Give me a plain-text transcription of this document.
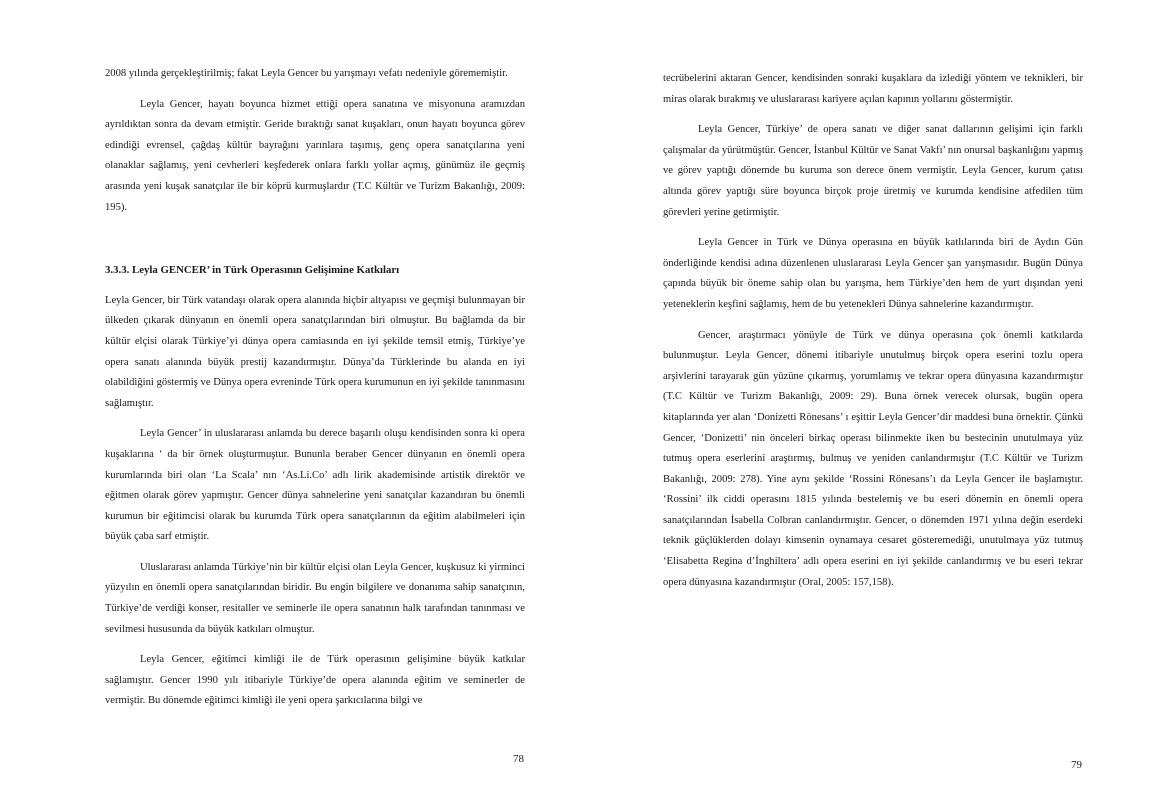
2008 yılında gerçekleştirilmiş; fakat Leyla Gencer bu yarışmayı vefatı nedeniyle görememiştir.

Leyla Gencer, hayatı boyunca hizmet ettiği opera sanatına ve misyonuna aramızdan ayrıldıktan sonra da devam etmiştir. Geride bıraktığı sanat kuşakları, onun hayatı boyunca görev edindiği evrensel, çağdaş kültür bayrağını yarınlara taşımış, genç opera sanatçılarına yeni olanaklar sağlamış, yeni cevherleri keşfederek onlara farklı yollar açmış, günümüz ile geçmiş arasında yeni kuşak sanatçılar ile bir köprü kurmuşlardır (T.C Kültür ve Turizm Bakanlığı, 2009: 195).

3.3.3. Leyla GENCER’ in Türk Operasının Gelişimine Katkıları

Leyla Gencer, bir Türk vatandaşı olarak opera alanında hiçbir altyapısı ve geçmişi bulunmayan bir ülkeden çıkarak dünyanın en önemli opera sanatçılarından biri olmuştur. Bu bağlamda da bir kültür elçisi olarak Türkiye’yi dünya opera camiasında en iyi şekilde temsil etmiş, Türkiye’ye opera sanatı alanında büyük prestij kazandırmıştır. Dünya’da Türklerinde bu alanda en iyi olabildiğini göstermiş ve Dünya opera evreninde Türk opera kurumunun en iyi şekilde tanınmasını sağlamıştır.

Leyla Gencer’ in uluslararası anlamda bu derece başarılı oluşu kendisinden sonra ki opera kuşaklarına ‘ da bir örnek oluşturmuştur. Bununla beraber Gencer dünyanın en önemli opera kurumlarında biri olan ‘La Scala’ nın ‘As.Li.Co’ adlı lirik akademisinde artistik direktör ve eğitmen olarak görev yapmıştır. Gencer dünya sahnelerine yeni sanatçılar kazandıran bu önemli kurumun bir eğitimcisi olarak bu kurumda Türk opera sanatçılarının da eğitim alabilmeleri için büyük çaba sarf etmiştir.

Uluslararası anlamda Türkiye’nin bir kültür elçisi olan Leyla Gencer, kuşkusuz ki yirminci yüzyılın en önemli opera sanatçılarından biridir. Bu engin bilgilere ve donanıma sahip sanatçının, Türkiye’de verdiği konser, resitaller ve seminerle ile opera sanatının halk tarafından tanınması ve sevilmesi hususunda da büyük katkıları olmuştur.

Leyla Gencer, eğitimci kimliği ile de Türk operasının gelişimine büyük katkılar sağlamıştır. Gencer 1990 yılı itibariyle Türkiye’de opera alanında eğitim ve seminerler de vermiştir. Bu dönemde eğitimci kimliği ile yeni opera şarkıcılarına bilgi ve

78

tecrübelerini aktaran Gencer, kendisinden sonraki kuşaklara da izlediği yöntem ve teknikleri, bir miras olarak bırakmış ve uluslararası kariyere açılan kapının yollarını göstermiştir.

Leyla Gencer, Türkiye’ de opera sanatı ve diğer sanat dallarının gelişimi için farklı çalışmalar da yürütmüştür. Gencer, İstanbul Kültür ve Sanat Vakfı’ nın onursal başkanlığını yapmış ve görev yaptığı dönemde bu kuruma son derece önem vermiştir. Leyla Gencer, kurum çatısı altında görev yaptığı süre boyunca birçok proje üretmiş ve kurumda kendisine atfedilen tüm görevleri yerine getirmiştir.

Leyla Gencer in Türk ve Dünya operasına en büyük katlılarında biri de Aydın Gün önderliğinde kendisi adına düzenlenen uluslararası Leyla Gencer şan yarışmasıdır. Bugün Dünya çapında büyük bir öneme sahip olan bu yarışma, hem Türkiye’den hem de yurt dışından yeni yeteneklerin keşfini sağlamış, hem de bu yetenekleri Dünya sahnelerine kazandırmıştır.

Gencer, araştırmacı yönüyle de Türk ve dünya operasına çok önemli katkılarda bulunmuştur. Leyla Gencer, dönemi itibariyle unutulmuş birçok opera eserini tozlu opera arşivlerini tarayarak gün yüzüne çıkarmış, yorumlamış ve tekrar opera dünyasına kazandırmıştır (T.C Kültür ve Turizm Bakanlığı, 2009: 29). Buna örnek verecek olursak, bugün opera kitaplarında yer alan ‘Donizetti Rönesans’ ı eşittir Leyla Gencer’dir maddesi buna örnektir. Çünkü Gencer, ‘Donizetti’ nin önceleri birkaç operası bilinmekte iken bu bestecinin unutulmaya yüz tutmuş opera eserlerini araştırmış, bulmuş ve yeniden canlandırmıştır (T.C Kültür ve Turizm Bakanlığı, 2009: 278). Yine aynı şekilde ‘Rossini Rönesans’ı da Leyla Gencer ile başlamıştır. ‘Rossini’ ilk ciddi operasını 1815 yılında bestelemiş ve bu eseri dönemin en önemli opera sanatçılarından İsabella Colbran canlandırmıştır. Gencer, o dönemden 1971 yılına değin eserdeki teknik güçlüklerden dolayı kimsenin oynamaya cesaret gösteremediği, unutulmaya yüz tutmuş ‘Elisabetta Regina d’İnghiltera’ adlı opera eserini en iyi şekilde canlandırmış ve bu eseri tekrar opera dünyasına kazandırmıştır (Oral, 2005: 157,158).

79
